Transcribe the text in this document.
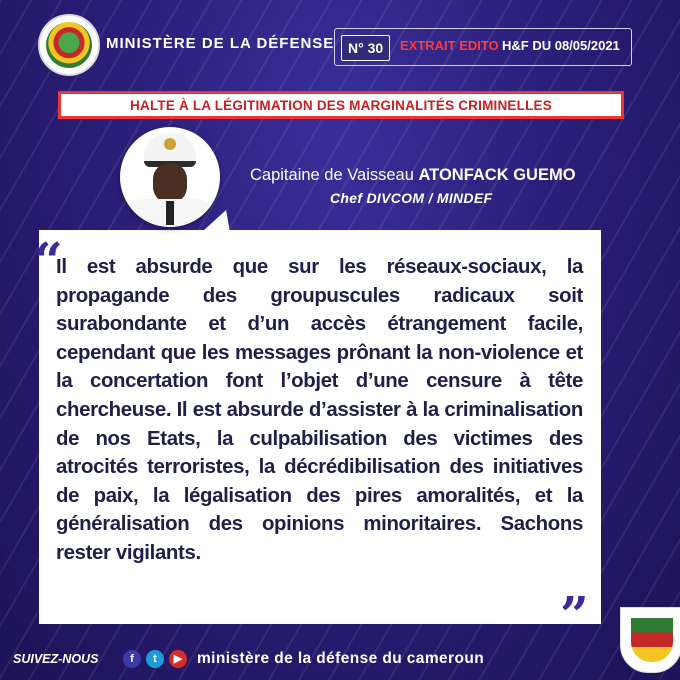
MINISTÈRE DE LA DÉFENSE N° 30	EXTRAIT EDITO H&F DU 08/05/2021
HALTE À LA LÉGITIMATION DES MARGINALITÉS CRIMINELLES
Capitaine de Vaisseau ATONFACK GUEMO
Chef DIVCOM / MINDEF
“

Il est absurde que sur les réseaux-sociaux, la propagande des groupuscules radicaux soit surabondante et d’un accès étrangement facile, cependant que les messages prônant la non-violence et la concertation font l’objet d’une censure à tête chercheuse. Il est absurde d’assister à la criminalisation de nos Etats, la culpabilisation des victimes des atrocités terroristes, la décrédibilisation des initiatives de paix, la légalisation des pires amoralités, et la généralisation des opinions minoritaires. Sachons rester vigilants.

”
SUIVEZ-NOUS	f	t	▶ ministère de la défense du cameroun
